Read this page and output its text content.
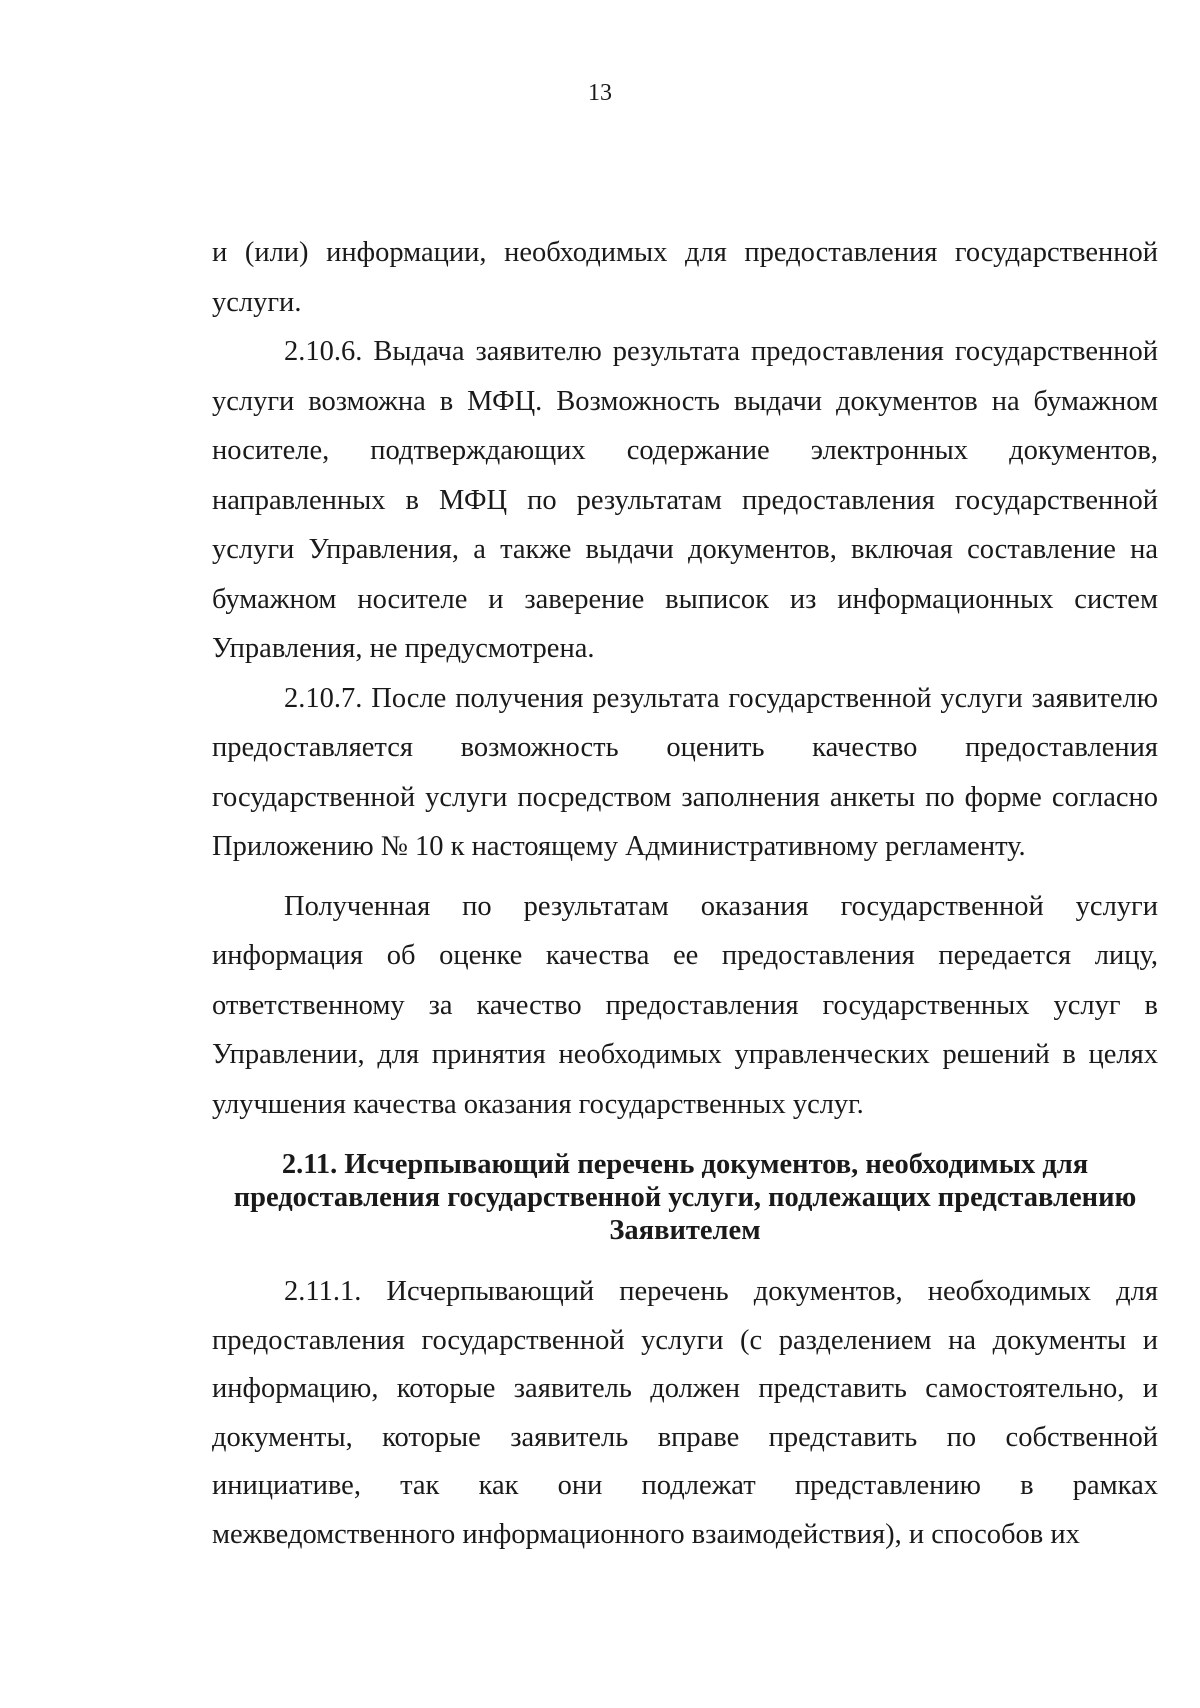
13

и (или) информации, необходимых для предоставления государственной услуги.

2.10.6. Выдача заявителю результата предоставления государственной услуги возможна в МФЦ. Возможность выдачи документов на бумажном носителе, подтверждающих содержание электронных документов, направленных в МФЦ по результатам предоставления государственной услуги Управления, а также выдачи документов, включая составление на бумажном носителе и заверение выписок из информационных систем Управления, не предусмотрена.

2.10.7. После получения результата государственной услуги заявителю предоставляется возможность оценить качество предоставления государственной услуги посредством заполнения анкеты по форме согласно Приложению № 10 к настоящему Административному регламенту.

Полученная по результатам оказания государственной услуги информация об оценке качества ее предоставления передается лицу, ответственному за качество предоставления государственных услуг в Управлении, для принятия необходимых управленческих решений в целях улучшения качества оказания государственных услуг.

2.11. Исчерпывающий перечень документов, необходимых для
предоставления государственной услуги, подлежащих представлению
Заявителем

2.11.1. Исчерпывающий перечень документов, необходимых для предоставления государственной услуги (с разделением на документы и информацию, которые заявитель должен представить самостоятельно, и документы, которые заявитель вправе представить по собственной инициативе, так как они подлежат представлению в рамках межведомственного информационного взаимодействия), и способов их
